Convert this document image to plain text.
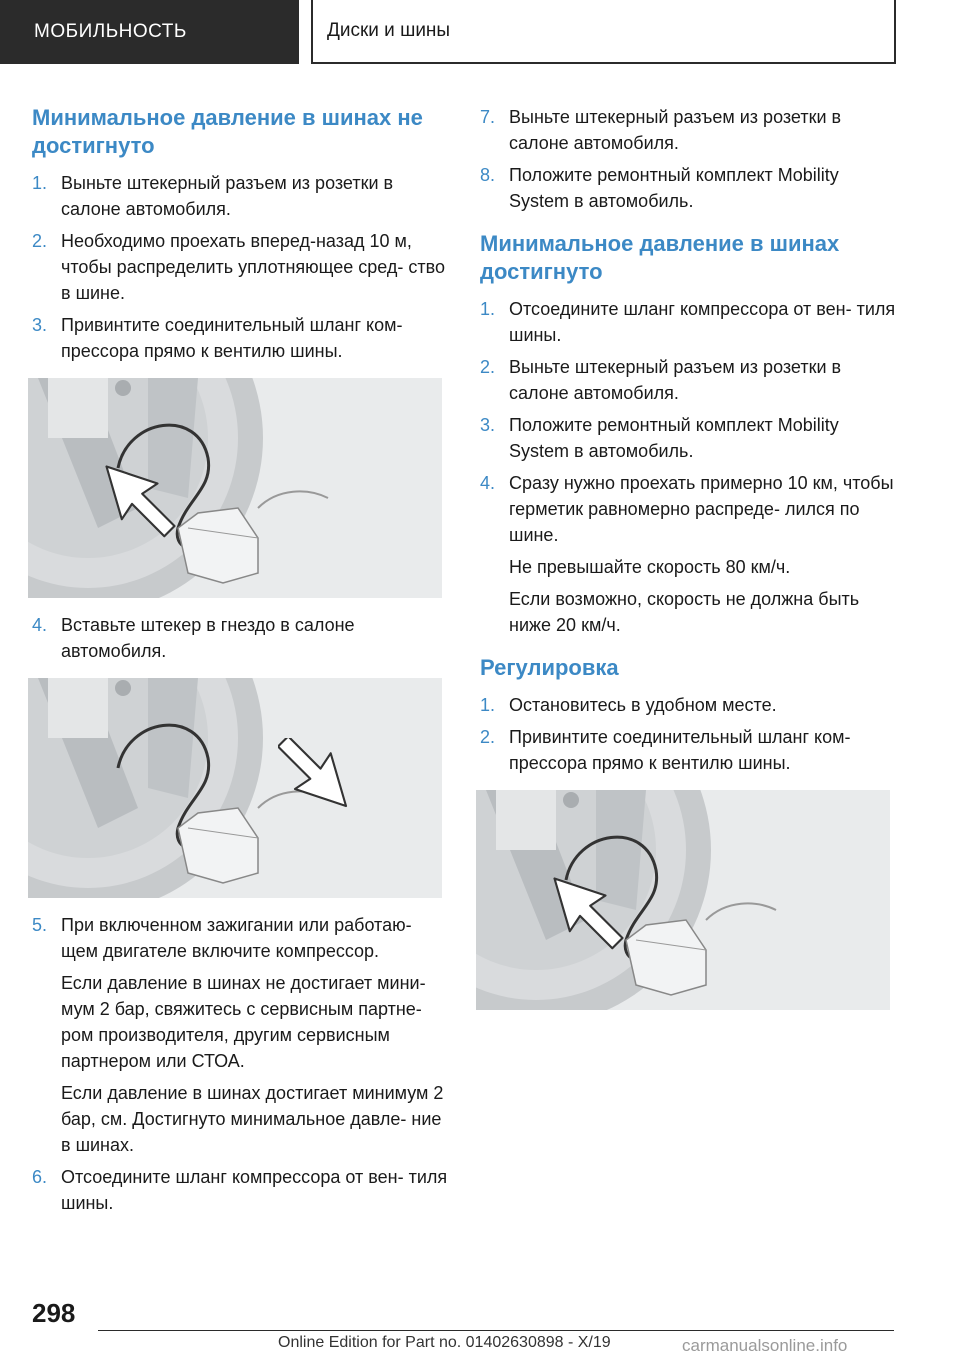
МОБИЛЬНОСТЬ	Диски и шины
Минимальное давление в шинах не достигнуто
1. Выньте штекерный разъем из розетки в салоне автомобиля.
2. Необходимо проехать вперед-назад 10 м, чтобы распределить уплотняющее сред‐ ство в шине.
3. Привинтите соединительный шланг ком‐ прессора прямо к вентилю шины.
4. Вставьте штекер в гнездо в салоне автомобиля.
5. При включенном зажигании или работаю‐ щем двигателе включите компрессор.
Если давление в шинах не достигает мини‐ мум 2 бар, свяжитесь с сервисным партне‐ ром производителя, другим сервисным партнером или СТОА.
Если давление в шинах достигает минимум 2 бар, см. Достигнуто минимальное давле‐ ние в шинах.
6. Отсоедините шланг компрессора от вен‐ тиля шины.
7. Выньте штекерный разъем из розетки в салоне автомобиля.
8. Положите ремонтный комплект Mobility System в автомобиль.
Минимальное давление в шинах достигнуто
1. Отсоедините шланг компрессора от вен‐ тиля шины.
2. Выньте штекерный разъем из розетки в салоне автомобиля.
3. Положите ремонтный комплект Mobility System в автомобиль.
4. Сразу нужно проехать примерно 10 км, чтобы герметик равномерно распреде‐ лился по шине.
Не превышайте скорость 80 км/ч.
Если возможно, скорость не должна быть ниже 20 км/ч.
Регулировка
1. Остановитесь в удобном месте.
2. Привинтите соединительный шланг ком‐ прессора прямо к вентилю шины.
298
Online Edition for Part no. 01402630898 - X/19	carmanualsonline.info
